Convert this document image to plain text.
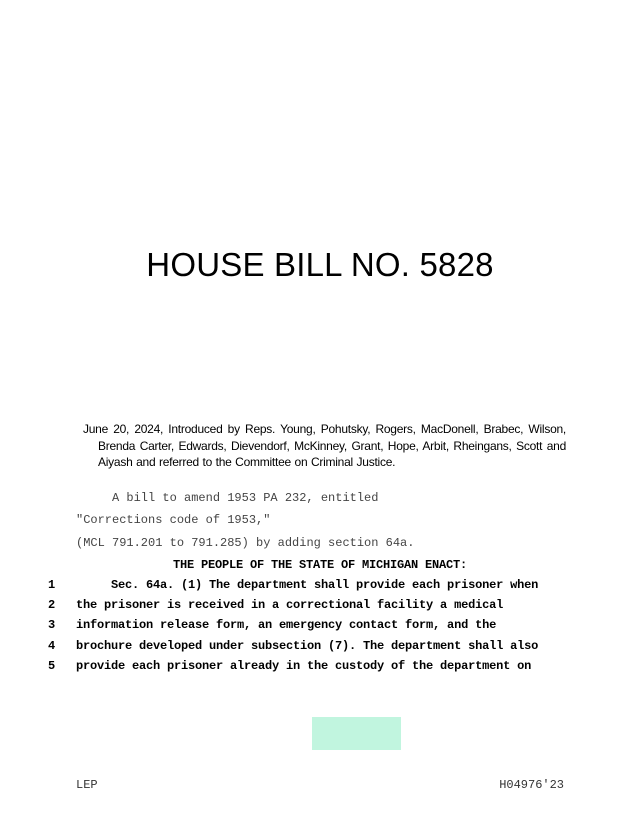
HOUSE BILL NO. 5828
June 20, 2024, Introduced by Reps. Young, Pohutsky, Rogers, MacDonell, Brabec, Wilson, Brenda Carter, Edwards, Dievendorf, McKinney, Grant, Hope, Arbit, Rheingans, Scott and Aiyash and referred to the Committee on Criminal Justice.
A bill to amend 1953 PA 232, entitled
"Corrections code of 1953,"
(MCL 791.201 to 791.285) by adding section 64a.
THE PEOPLE OF THE STATE OF MICHIGAN ENACT:
1 Sec. 64a. (1) The department shall provide each prisoner when
2 the prisoner is received in a correctional facility a medical
3 information release form, an emergency contact form, and the
4 brochure developed under subsection (7). The department shall also
5 provide each prisoner already in the custody of the department on
LEP	H04976'23
